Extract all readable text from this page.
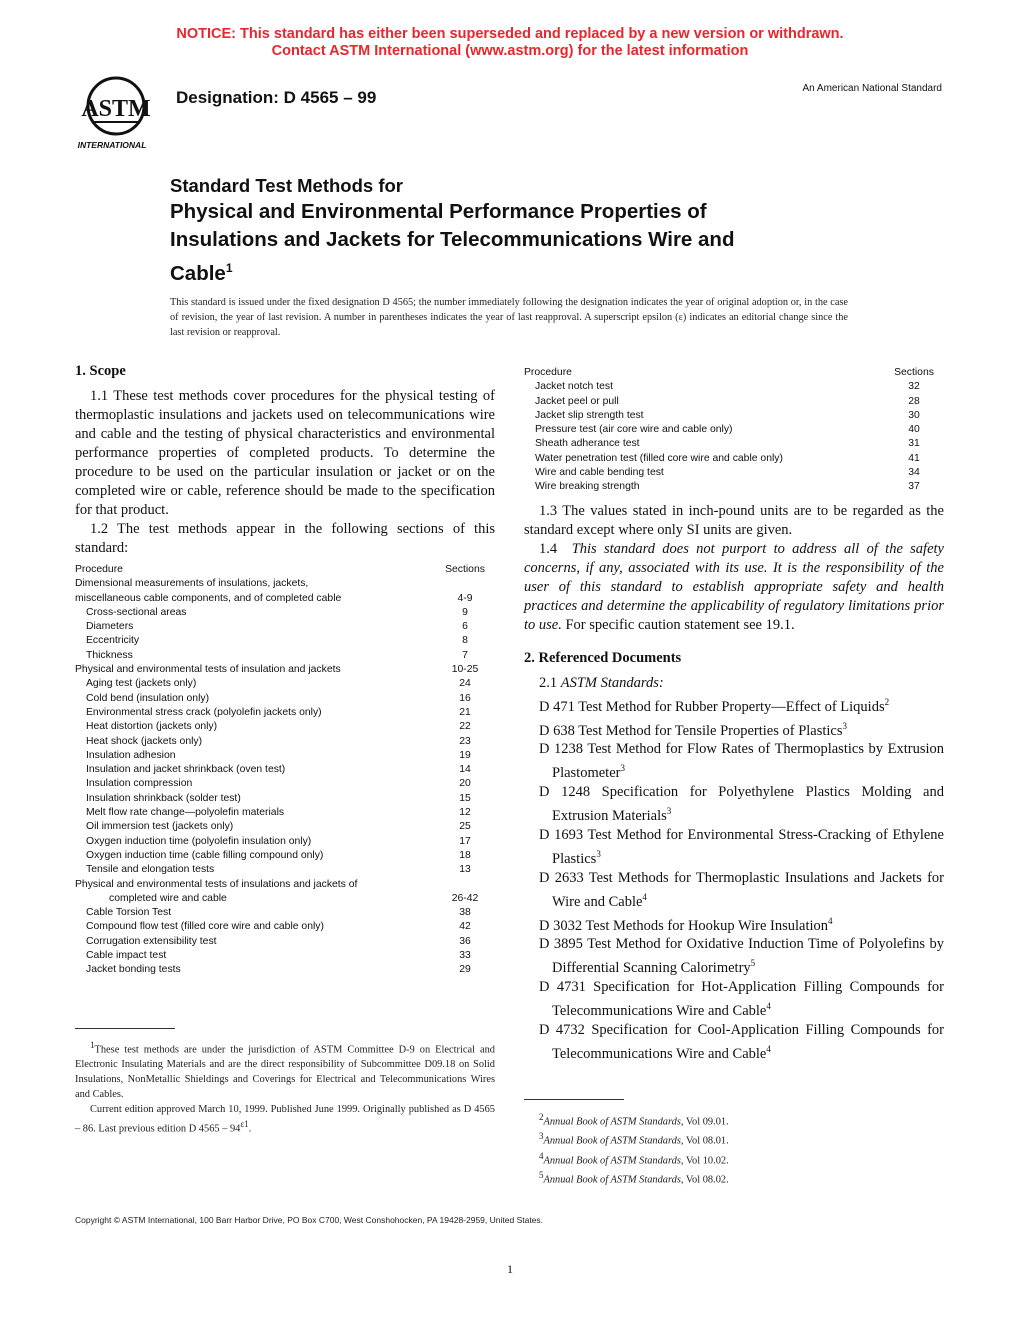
NOTICE: This standard has either been superseded and replaced by a new version or withdrawn.
Contact ASTM International (www.astm.org) for the latest information
ASTM
INTERNATIONAL
Designation: D 4565 – 99	An American National Standard
Standard Test Methods for
Physical and Environmental Performance Properties of
Insulations and Jackets for Telecommunications Wire and
Cable$^1$
This standard is issued under the fixed designation D 4565; the number immediately following the designation indicates the year of original adoption or, in the case of revision, the year of last revision. A number in parentheses indicates the year of last reapproval. A superscript epsilon (ε) indicates an editorial change since the last revision or reapproval.
1. Scope

1.1 These test methods cover procedures for the physical testing of thermoplastic insulations and jackets used on telecommunications wire and cable and the testing of physical characteristics and environmental performance properties of completed products. To determine the procedure to be used on the particular insulation or jacket or on the completed wire or cable, reference should be made to the specification for that product.

1.2 The test methods appear in the following sections of this standard:

Procedure	Sections
Dimensional measurements of insulations, jackets,	
miscellaneous cable components, and of completed cable	4-9
Cross-sectional areas	9
Diameters	6
Eccentricity	8
Thickness	7
Physical and environmental tests of insulation and jackets	10-25
Aging test (jackets only)	24
Cold bend (insulation only)	16
Environmental stress crack (polyolefin jackets only)	21
Heat distortion (jackets only)	22
Heat shock (jackets only)	23
Insulation adhesion	19
Insulation and jacket shrinkback (oven test)	14
Insulation compression	20
Insulation shrinkback (solder test)	15
Melt flow rate change—polyolefin materials	12
Oil immersion test (jackets only)	25
Oxygen induction time (polyolefin insulation only)	17
Oxygen induction time (cable filling compound only)	18
Tensile and elongation tests	13
Physical and environmental tests of insulations and jackets of	
completed wire and cable	26-42
Cable Torsion Test	38
Compound flow test (filled core wire and cable only)	42
Corrugation extensibility test	36
Cable impact test	33
Jacket bonding tests	29

$^1$These test methods are under the jurisdiction of ASTM Committee D-9 on Electrical and Electronic Insulating Materials and are the direct responsibility of Subcommittee D09.18 on Solid Insulations, NonMetallic Shieldings and Coverings for Electrical and Telecommunications Wires and Cables.

Current edition approved March 10, 1999. Published June 1999. Originally published as D 4565 – 86. Last previous edition D $4565 - 94^{\varepsilon 1}$.

Procedure	Sections
Jacket notch test	32
Jacket peel or pull	28
Jacket slip strength test	30
Pressure test (air core wire and cable only)	40
Sheath adherance test	31
Water penetration test (filled core wire and cable only)	41
Wire and cable bending test	34
Wire breaking strength	37

1.3 The values stated in inch-pound units are to be regarded as the standard except where only SI units are given.

1.4 This standard does not purport to address all of the safety concerns, if any, associated with its use. It is the responsibility of the user of this standard to establish appropriate safety and health practices and determine the applicability of regulatory limitations prior to use. For specific caution statement see 19.1.

2. Referenced Documents

2.1 ASTM Standards:

D 471 Test Method for Rubber Property—Effect of Liquids$^2$

D 638 Test Method for Tensile Properties of Plastics$^3$

D 1238 Test Method for Flow Rates of Thermoplastics by Extrusion Plastometer$^3$

D 1248 Specification for Polyethylene Plastics Molding and Extrusion Materials$^3$

D 1693 Test Method for Environmental Stress-Cracking of Ethylene Plastics$^3$

D 2633 Test Methods for Thermoplastic Insulations and Jackets for Wire and Cable$^4$

D 3032 Test Methods for Hookup Wire Insulation$^4$

D 3895 Test Method for Oxidative Induction Time of Polyolefins by Differential Scanning Calorimetry$^5$

D 4731 Specification for Hot-Application Filling Compounds for Telecommunications Wire and Cable$^4$

D 4732 Specification for Cool-Application Filling Compounds for Telecommunications Wire and Cable$^4$

$^2$Annual Book of ASTM Standards, Vol 09.01.

$^3$Annual Book of ASTM Standards, Vol 08.01.

$^4$Annual Book of ASTM Standards, Vol 10.02.

$^5$Annual Book of ASTM Standards, Vol 08.02.

Copyright © ASTM International, 100 Barr Harbor Drive, PO Box C700, West Conshohocken, PA 19428-2959, United States.
1
